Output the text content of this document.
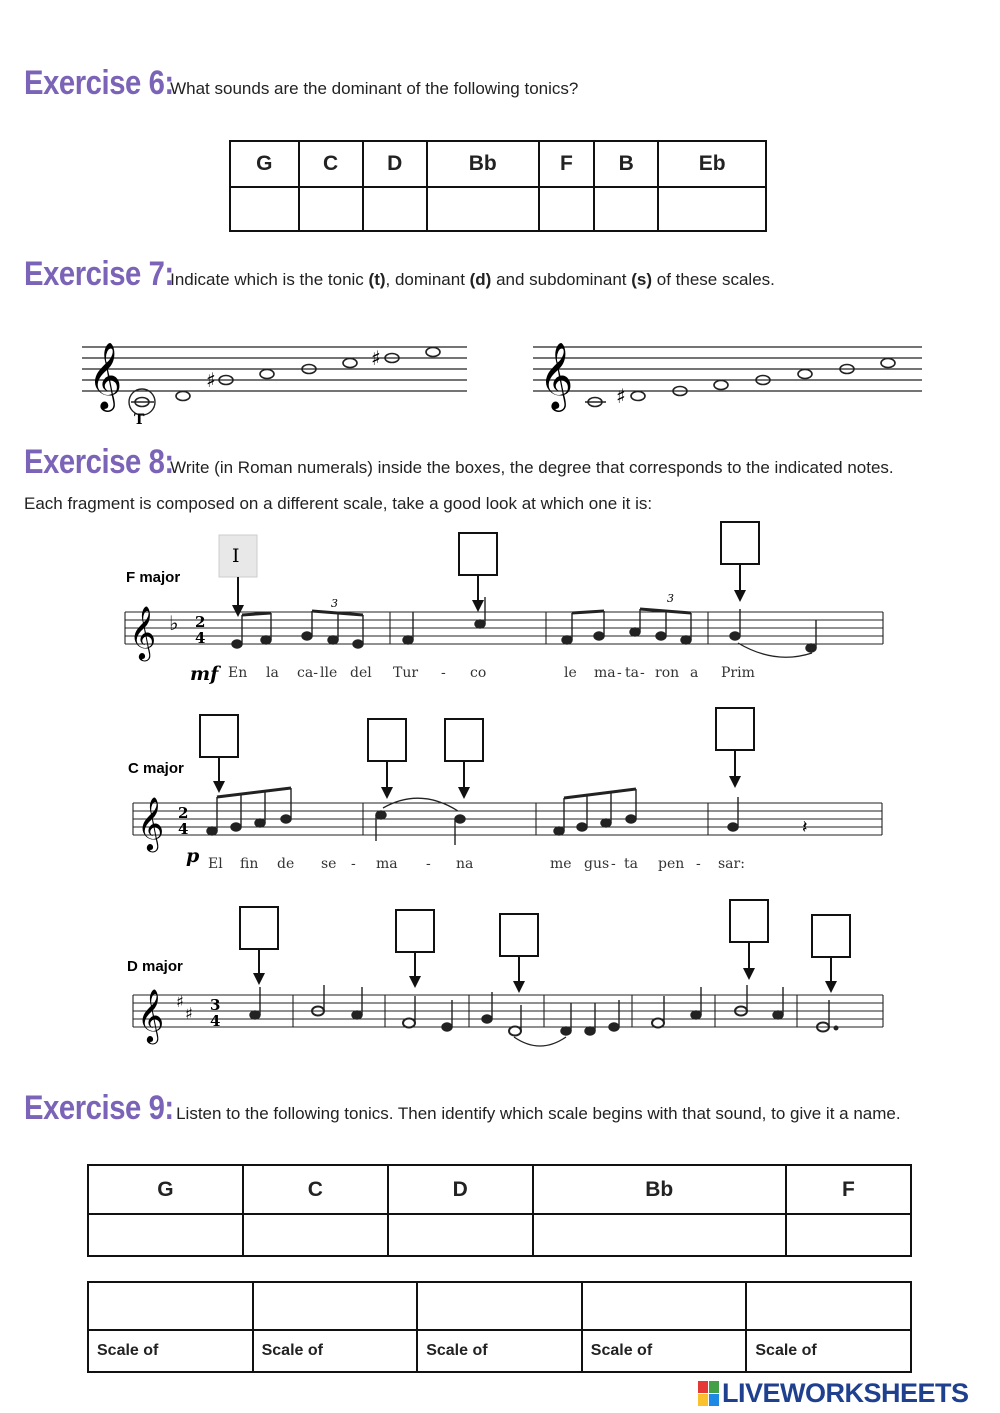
Exercise 6:What sounds are the dominant of the following tonics?
G	C	D	Bb	F	B	Eb

Exercise 7:Indicate which is the tonic (t), dominant (d) and subdominant (s) of these scales.
𝄞	♯
♯
T
𝄞 ♯
Exercise 8:Write (in Roman numerals) inside the boxes, the degree that corresponds to the indicated notes.
Each fragment is composed on a different scale, take a good look at which one it is:
F major
𝄞 ♭ 2
4
3	3
mf En la ca- lle del Tur - co	le ma - ta - ron a Prim
I
C major
𝄞 2
4	𝄽
p El fin de se - ma - na	me gus - ta pen - sar:
D major
𝄞 ♯
♯ 3
4
Exercise 9: Listen to the following tonics. Then identify which scale begins with that sound, to give it a name.
G	C	D	Bb	F

Scale of	Scale of	Scale of	Scale of	Scale of
LIVEWORKSHEETS
